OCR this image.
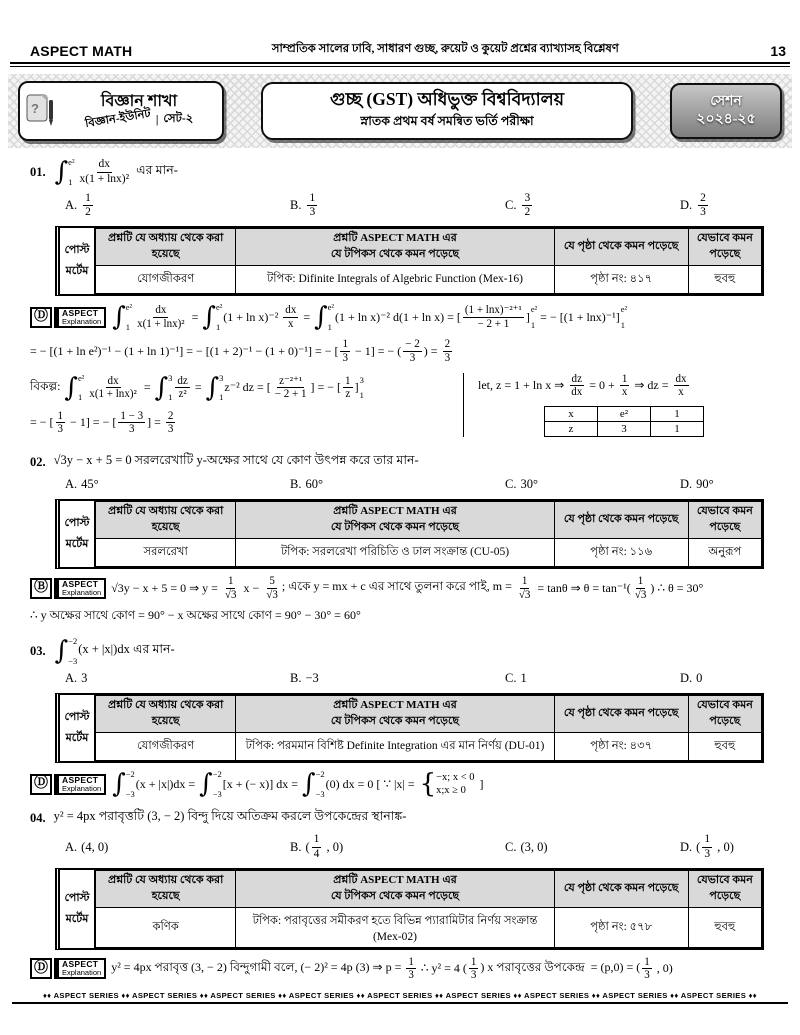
ASPECT MATH	সাম্প্রতিক সালের ঢাবি, সাধারণ গুচ্ছ, রুয়েট ও কুয়েট প্রশ্নের ব্যাখ্যাসহ বিশ্লেষণ	13
?	বিজ্ঞান শাখা
বিজ্ঞান-ইউনিট | সেট-২
গুচ্ছ (GST) অধিভুক্ত বিশ্ববিদ্যালয়
স্নাতক প্রথম বর্ষ সমন্বিত ভর্তি পরীক্ষা
সেশন
২০২৪-২৫
01. ∫ e²
1
dx
x(1 + lnx)²
এর মান-
A.
1
2	B.
1
3	C.
3
2	D.
2
3
পোস্ট
মর্টেম
প্রশ্নটি যে অধ্যায় থেকে করা হয়েছে	প্রশ্নটি ASPECT MATH এর
যে টপিকস থেকে কমন পড়েছে	যে পৃষ্ঠা থেকে কমন পড়েছে	যেভাবে কমন পড়েছে
যোগজীকরণ	টপিক: Difinite Integrals of Algebric Function (Mex-16)	পৃষ্ঠা নং: ৪১৭	হুবহু
Ⓓ	ASPECT
Explanation ∫ e²
$1 \frac{dx}{\text{x(1 + lnx)²}}$ = ∫ e²
1
$(1 + \ln x)^{-2} \frac{dx}{x}$ = ∫ e²
1
(1 + ln x)⁻² d(1 + ln x) = [ (1 + lnx)⁻²⁺¹
− 2 + 1 ]
e²
1
= − [(1 + lnx)⁻¹]
e²
1
= − [(1 + ln e²)⁻¹ − (1 + ln 1)⁻¹] = − [(1 + 2)⁻¹ − (1 + 0)⁻¹] = − [ 1
3 − 1] = − ( − 2
3 ) = $\frac{2}{3}$
বিকল্প: ∫ e²
$1 \frac{dx}{\text{x(1 + lnx)²}}$ = ∫ 3
$1 \frac{dz}{\text{z²}}$ = ∫ 3
1
z⁻² dz = [ z⁻²⁺¹
− 2 + 1 ] = − [ 1
z ]
3
1
= − [ 1
3 − 1] = − [ 1 − 3
3 ] = $\frac{2}{3}$
let, z = 1 + ln x ⇒ $\frac{dz}{dx} = 0 + \frac{1}{x}$ ⇒ dz = $\frac{dx}{x}$
x	e²	1
z	3	1
02. √3y − x + 5 = 0 সরলরেখাটি y-অক্ষের সাথে যে কোণ উৎপন্ন করে তার মান-
A. 45°	B. 60°	C. 30°	D. 90°
পোস্ট
মর্টেম
প্রশ্নটি যে অধ্যায় থেকে করা হয়েছে	প্রশ্নটি ASPECT MATH এর
যে টপিকস থেকে কমন পড়েছে	যে পৃষ্ঠা থেকে কমন পড়েছে	যেভাবে কমন পড়েছে
সরলরেখা	টপিক: সরলরেখা পরিচিতি ও ঢাল সংক্রান্ত (CU-05)	পৃষ্ঠা নং: ১১৬	অনুরূপ
Ⓑ	ASPECT
Explanation √3y − x + 5 = 0 ⇒ $y = \frac{1}{√3}$ $x - \frac{5}{√3}$ ; একে y = mx + c এর সাথে তুলনা করে পাই, $m = \frac{1}{√3} = \tan\theta$ ⇒ θ = tan⁻¹( 1
√3 ) ∴ θ = 30°
∴ y অক্ষের সাথে কোণ = 90° − x অক্ষের সাথে কোণ = 90° − 30° = 60°
03. ∫ −2
−3
(x + |x|)dx এর মান-
A. 3	B. −3	C. 1	D. 0
পোস্ট
মর্টেম
প্রশ্নটি যে অধ্যায় থেকে করা হয়েছে	প্রশ্নটি ASPECT MATH এর
যে টপিকস থেকে কমন পড়েছে	যে পৃষ্ঠা থেকে কমন পড়েছে	যেভাবে কমন পড়েছে
যোগজীকরণ	টপিক: পরমমান বিশিষ্ট Definite Integration এর মান নির্ণয় (DU-01)	পৃষ্ঠা নং: ৪৩৭	হুবহু
Ⓓ	ASPECT
Explanation ∫ −2
−3
(x + |x|)dx = ∫ −2
−3
[x + (− x)] dx = ∫ −2
−3
(0) dx = 0 [ ∵ |x| = { −x; x < 0
x;x ≥ 0 ]
04. y² = 4px পরাবৃত্তটি (3, − 2) বিন্দু দিয়ে অতিক্রম করলে উপকেন্দ্রের স্থানাঙ্ক-
A. (4, 0)	B. (
1
4 , 0)	C. (3, 0)	D. (
1
3 , 0)
পোস্ট
মর্টেম
প্রশ্নটি যে অধ্যায় থেকে করা হয়েছে	প্রশ্নটি ASPECT MATH এর
যে টপিকস থেকে কমন পড়েছে	যে পৃষ্ঠা থেকে কমন পড়েছে	যেভাবে কমন পড়েছে
কণিক	টপিক: পরাবৃত্তের সমীকরণ হতে বিভিন্ন প্যারামিটার নির্ণয় সংক্রান্ত (Mex-02)	পৃষ্ঠা নং: ৫৭৮	হুবহু
Ⓓ	ASPECT
Explanation y² = 4px পরাবৃত্ত (3, − 2) বিন্দুগামী বলে, (− 2)² = 4p (3) ⇒ $p = \frac{1}{3}$ ∴ y² = 4 ( 1
3
) x পরাবৃত্তের উপকেন্দ্র  = (p,0) = ( 1
3 , 0)
♦♦ ASPECT SERIES ♦♦ ASPECT SERIES ♦♦ ASPECT SERIES ♦♦ ASPECT SERIES ♦♦ ASPECT SERIES ♦♦ ASPECT SERIES ♦♦ ASPECT SERIES ♦♦ ASPECT SERIES ♦♦ ASPECT SERIES ♦♦
